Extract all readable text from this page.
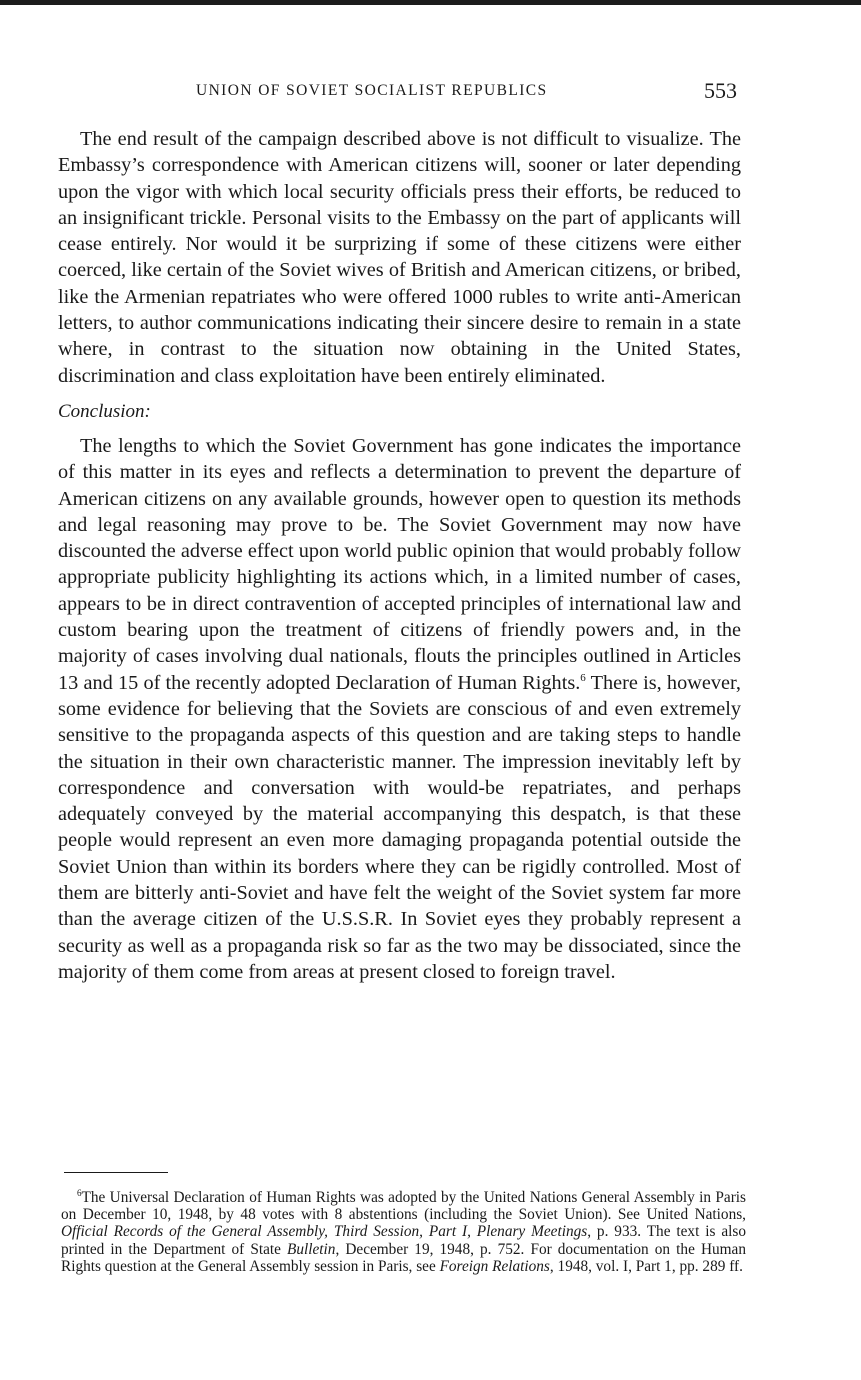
UNION OF SOVIET SOCIALIST REPUBLICS	553

The end result of the campaign described above is not difficult to visualize. The Embassy’s correspondence with American citizens will, sooner or later depending upon the vigor with which local security officials press their efforts, be reduced to an insignificant trickle. Personal visits to the Embassy on the part of applicants will cease entirely. Nor would it be surprizing if some of these citizens were either coerced, like certain of the Soviet wives of British and American citizens, or bribed, like the Armenian repatriates who were offered 1000 rubles to write anti-American letters, to author communications indicating their sincere desire to remain in a state where, in contrast to the situation now obtaining in the United States, discrimination and class exploitation have been entirely eliminated.

Conclusion:

The lengths to which the Soviet Government has gone indicates the importance of this matter in its eyes and reflects a determination to prevent the departure of American citizens on any available grounds, however open to question its methods and legal reasoning may prove to be. The Soviet Government may now have discounted the adverse effect upon world public opinion that would probably follow appropriate publicity highlighting its actions which, in a limited number of cases, appears to be in direct contravention of accepted principles of international law and custom bearing upon the treatment of citizens of friendly powers and, in the majority of cases involving dual nationals, flouts the principles outlined in Articles 13 and 15 of the recently adopted Declaration of Human Rights.$^6$ There is, however, some evidence for believing that the Soviets are conscious of and even extremely sensitive to the propaganda aspects of this question and are taking steps to handle the situation in their own characteristic manner. The impression inevitably left by correspondence and conversation with would-be repatriates, and perhaps adequately conveyed by the material accompanying this despatch, is that these people would represent an even more damaging propaganda potential outside the Soviet Union than within its borders where they can be rigidly controlled. Most of them are bitterly anti-Soviet and have felt the weight of the Soviet system far more than the average citizen of the U.S.S.R. In Soviet eyes they probably represent a security as well as a propaganda risk so far as the two may be dissociated, since the majority of them come from areas at present closed to foreign travel.

$^6$The Universal Declaration of Human Rights was adopted by the United Nations General Assembly in Paris on December 10, 1948, by 48 votes with 8 abstentions (including the Soviet Union). See United Nations, Official Records of the General Assembly, Third Session, Part I, Plenary Meetings, p. 933. The text is also printed in the Department of State Bulletin, December 19, 1948, p. 752. For documentation on the Human Rights question at the General Assembly session in Paris, see Foreign Relations, 1948, vol. I, Part 1, pp. 289 ff.
